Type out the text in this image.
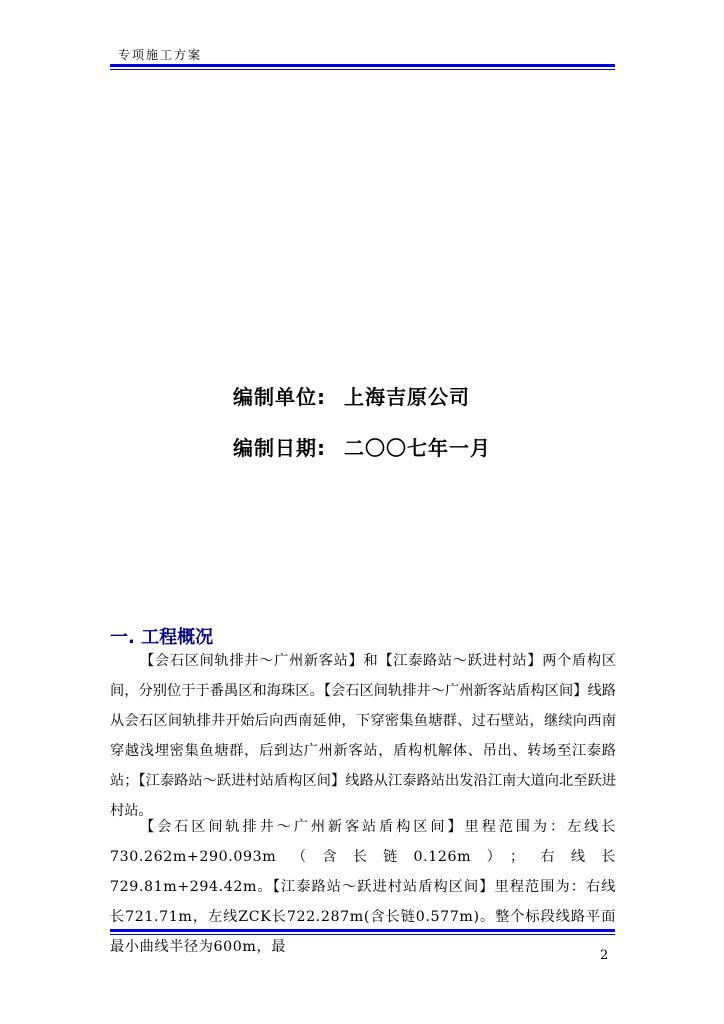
专项施工方案
编制单位: 上海吉原公司
编制日期: 二〇〇七年一月
一. 工程概况
【会石区间轨排井～广州新客站】和【江泰路站～跃进村站】两个盾构区间，分别位于于番禺区和海珠区。【会石区间轨排井～广州新客站盾构区间】线路从会石区间轨排井开始后向西南延伸，下穿密集鱼塘群、过石壁站，继续向西南穿越浅埋密集鱼塘群，后到达广州新客站，盾构机解体、吊出、转场至江泰路站；【江泰路站～跃进村站盾构区间】线路从江泰路站出发沿江南大道向北至跃进村站。
【会石区间轨排井～广州新客站盾构区间】里程范围为：左线长730.262m+290.093m（含长链0.126m）；右线长729.81m+294.42m。【江泰路站～跃进村站盾构区间】里程范围为：右线长721.71m，左线ZCK长722.287m(含长链0.577m)。整个标段线路平面最小曲线半径为600m，最
2
